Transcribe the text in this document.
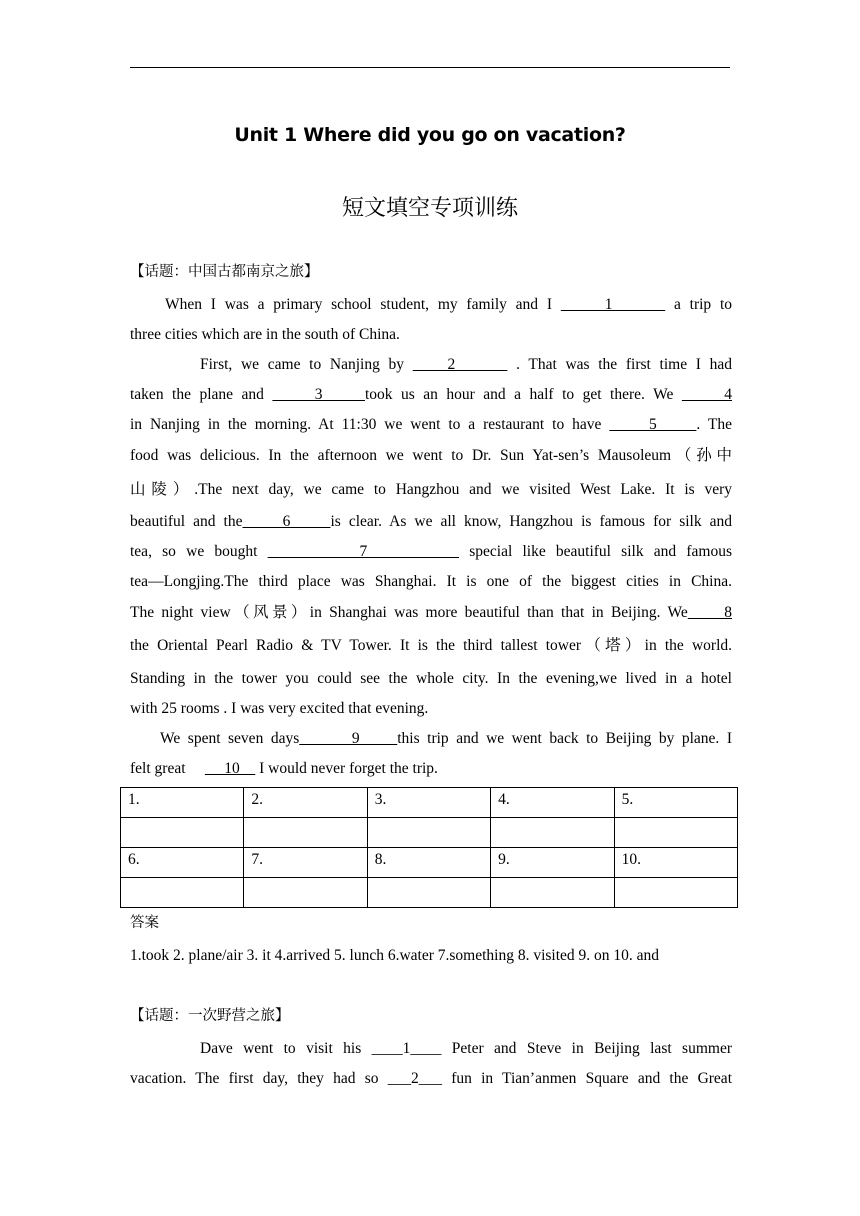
Unit 1 Where did you go on vacation?
短文填空专项训练
【话题：中国古都南京之旅】
When I was a primary school student, my family and I      1       a trip to
three cities which are in the south of China.
First, we came to Nanjing by     2       . That was the first time I had
taken the plane and      3     took us an hour and a half to get there. We      4
in Nanjing in the morning. At 11:30 we went to a restaurant to have      5     . The
food was delicious. In the afternoon we went to Dr. Sun Yat-sen’s Mausoleum（孙中
山陵）.The next day, we came to Hangzhou and we visited West Lake. It is very
beautiful and the     6     is clear. As we all know, Hangzhou is famous for silk and
tea, so we bought          7          special like beautiful silk and famous
tea—Longjing.The third place was Shanghai. It is one of the biggest cities in China.
The night view（风景）in Shanghai was more beautiful than that in Beijing. We     8
the Oriental Pearl Radio & TV Tower. It is the third tallest tower（塔）in the world.
Standing in the tower you could see the whole city. In the evening,we lived in a hotel
with 25 rooms . I was very excited that evening.
We spent seven days       9     this trip and we went back to Beijing by plane. I
felt great          10     I would never forget the trip.
1.	2.	3.	4.	5.

6.	7.	8.	9.	10.

答案
1.took 2. plane/air 3. it 4.arrived 5. lunch 6.water 7.something 8. visited 9. on 10. and
【话题：一次野营之旅】
Dave went to visit his ____1____ Peter and Steve in Beijing last summer
vacation. The first day, they had so ___2___ fun in Tian’anmen Square and the Great
